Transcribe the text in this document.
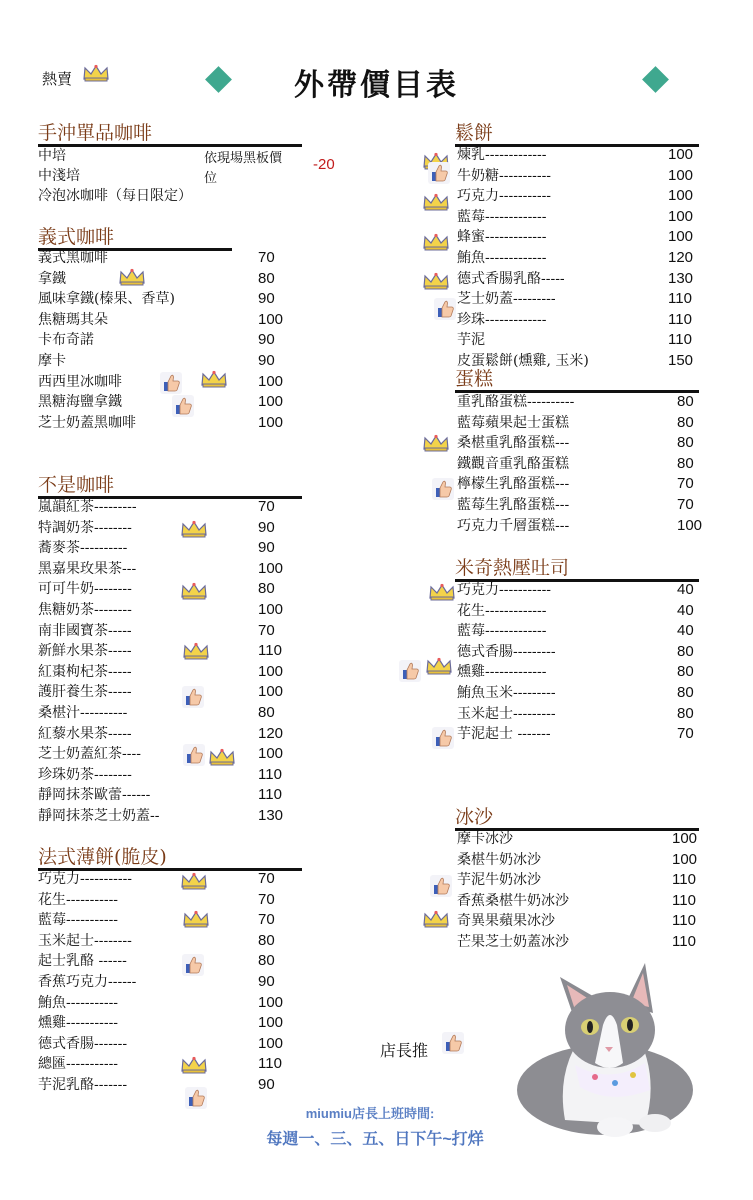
熱賣	外帶價目表
手沖單品咖啡
中培
中淺培
冷泡冰咖啡（每日限定）
依現場黑板價
位
-20
義式咖啡
義式黑咖啡	70
拿鐵	80
風味拿鐵(榛果、香草)	90
焦糖瑪其朵	100
卡布奇諾	90
摩卡	90
西西里冰咖啡	100
黑糖海鹽拿鐵	100
芝士奶蓋黑咖啡	100
不是咖啡
嵐韻紅茶---------	70
特調奶茶--------	90
蕎麥茶----------	90
黑嘉果玫果茶---	100
可可牛奶--------	80
焦糖奶茶--------	100
南非國寶茶-----	70
新鮮水果茶-----	110
紅棗枸杞茶-----	100
護肝養生茶-----	100
桑椹汁----------	80
紅藜水果茶-----	120
芝士奶蓋紅茶----	100
珍珠奶茶--------	110
靜岡抹茶歐蕾------	110
靜岡抹茶芝士奶蓋--	130
法式薄餅(脆皮)
巧克力-----------	70
花生-----------	70
藍莓-----------	70
玉米起士--------	80
起士乳酪 ------	80
香蕉巧克力------	90
鮪魚-----------	100
燻雞-----------	100
德式香腸-------	100
總匯-----------	110
芋泥乳酪-------	90
鬆餅
煉乳-------------	100
牛奶糖-----------	100
巧克力-----------	100
藍莓-------------	100
蜂蜜-------------	100
鮪魚-------------	120
德式香腸乳酪-----	130
芝士奶蓋---------	110
珍珠-------------	110
芋泥	110
皮蛋鬆餅(燻雞, 玉米)	150
蛋糕
重乳酪蛋糕----------	80
藍莓蘋果起士蛋糕	80
桑椹重乳酪蛋糕---	80
鐵觀音重乳酪蛋糕	80
檸檬生乳酪蛋糕---	70
藍莓生乳酪蛋糕---	70
巧克力千層蛋糕---	100
米奇熱壓吐司
巧克力-----------	40
花生-------------	40
藍莓-------------	40
德式香腸---------	80
燻雞-------------	80
鮪魚玉米---------	80
玉米起士---------	80
芋泥起士 -------	70
冰沙
摩卡冰沙	100
桑椹牛奶冰沙	100
芋泥牛奶冰沙	110
香蕉桑椹牛奶冰沙	110
奇異果蘋果冰沙	110
芒果芝士奶蓋冰沙	110
店長推
miumiu店長上班時間:
每週一、三、五、日下午~打烊
